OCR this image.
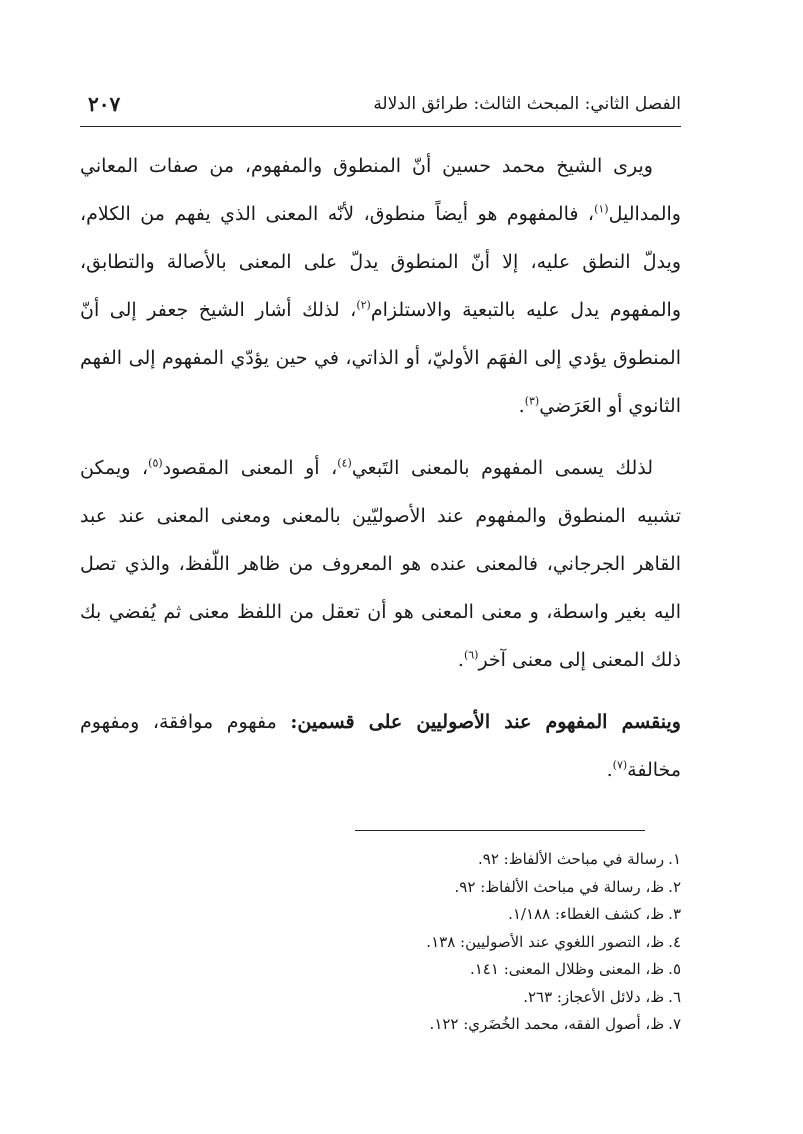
الفصل الثاني: المبحث الثالث: طرائق الدلالة
٢٠٧

ويرى الشيخ محمد حسين أنّ المنطوق والمفهوم، من صفات المعاني والمداليل$^{(١)}$، فالمفهوم هو أيضاً منطوق، لأنّه المعنى الذي يفهم من الكلام، ويدلّ النطق عليه، إلا أنّ المنطوق يدلّ على المعنى بالأصالة والتطابق، والمفهوم يدل عليه بالتبعية والاستلزام$^{(٢)}$، لذلك أشار الشيخ جعفر إلى أنّ المنطوق يؤدي إلى الفهَم الأوليّ، أو الذاتي، في حين يؤدّي المفهوم إلى الفهم الثانوي أو العَرَضي$^{(٣)}$.

لذلك يسمى المفهوم بالمعنى التَبعي$^{(٤)}$، أو المعنى المقصود$^{(٥)}$، ويمكن تشبيه المنطوق والمفهوم عند الأصوليّين بالمعنى ومعنى المعنى عند عبد القاهر الجرجاني، فالمعنى عنده هو المعروف من ظاهر اللّفظ، والذي تصل اليه بغير واسطة، و معنى المعنى هو أن تعقل من اللفظ معنى ثم يُفضي بك ذلك المعنى إلى معنى آخر$^{(٦)}$.

وينقسم المفهوم عند الأصوليين على قسمين: مفهوم موافقة، ومفهوم مخالفة$^{(٧)}$.

١.رسالة في مباحث الألفاظ: ٩٢.
٢.ظ، رسالة في مباحث الألفاظ: ٩٢.
٣.ظ، كشف الغطاء: ١/١٨٨.
٤.ظ، التصور اللغوي عند الأصوليين: ١٣٨.
٥.ظ، المعنى وظلال المعنى: ١٤١.
٦.ظ، دلائل الأعجاز: ٢٦٣.
٧.ظ، أصول الفقه، محمد الخُضَري: ١٢٢.
